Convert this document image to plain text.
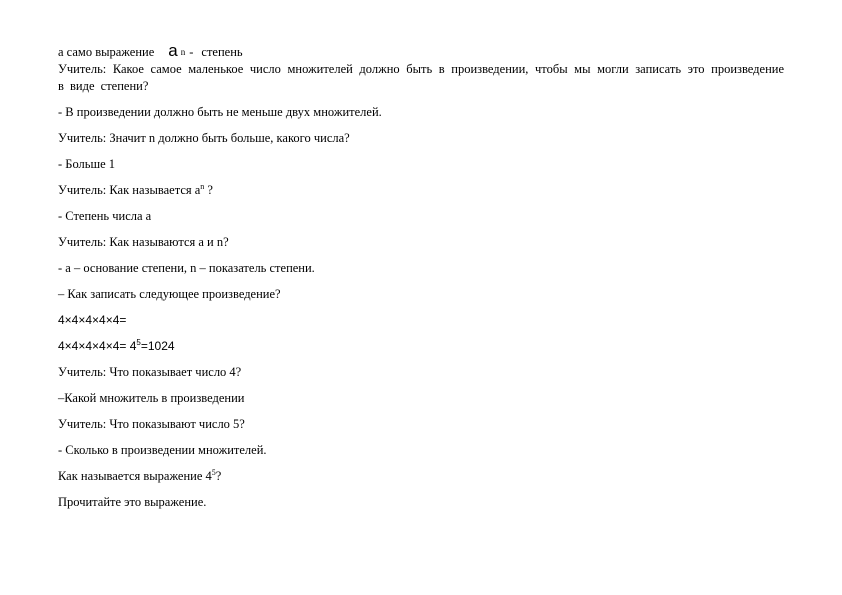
а само выражение a n - степень

Учитель: Какое самое маленькое число множителей должно быть в произведении, чтобы мы могли записать это произведение в виде степени?

- В произведении должно быть не меньше двух множителей.

Учитель: Значит n должно быть больше, какого числа?

- Больше 1

Учитель: Как называется $a^n$ ?

- Степень числа a

Учитель: Как называются a и n?

- a – основание степени, n – показатель степени.

– Как записать следующее произведение?

4×4×4×4×4=

$4\times 4\times 4\times 4\times 4= 4^5=1024$

Учитель: Что показывает число 4?

–Какой множитель в произведении

Учитель: Что показывают число 5?

- Сколько в произведении множителей.

Как называется выражение $4^5$?

Прочитайте это выражение.
